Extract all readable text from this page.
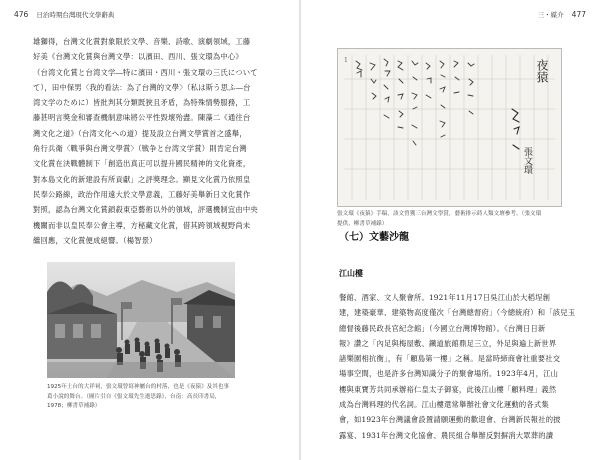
476 日治時期台灣現代文學辭典
雄獅得，台灣文化賞對象限於文學、音樂、詩歌、演劇領域，工藤
好美《台灣文化賞與台灣文學：以濱田、西川、張文環為中心》
（台湾文化賞と台湾文学―特に濱田・西川・張文環の三氏について
て），田中保男〈我的看法：為了台灣的文學〉（私は斯う思ふ―台
湾文学のために）皆批判其分類既狹且矛盾，為特殊情勢服務，工
藤甚明言獎金和審查機制意味將公平性毀壞殆盡。陳藻二《通往台
灣文化之道》（台湾文化への道）提及設立台灣文學賞首之盛舉，
角行兵衛〈戰爭與台灣文學賞〉（戦争と台湾文学賞）則肯定台灣
文化賞在決戰體制下「創造出真正可以提升國民精神的文化資產，
對本島文化的新建設有所貢獻」之評獎理念。顯見文化賞乃依照皇
民奉公路線，政治作用遠大於文學意義，工藤好美舉新日文化賞作
對照，認為台灣文化賞鎖殺東亞藝術以外的領域，評選機制宜由中央
機關而非以皇民奉公會主導，方秘藏文化賞，借其跨領域視野尚未
繼回應，文化賞便成絕響。（楊智景）
1925年土台的大祥祠，張文環曾寫神屬台的村落，也是《夜猿》及其也事
葛小說的舞台。（圖片引自《張文環先生逝思錄》，台南：高長印書局，
1978；柳書草補錄）
三・媒介 477
夜猿
張文環
1
張文環《夜猿》手稿，該文曾獲三台灣文學賞，藝術排示蒔人類文壇參考。（張文環
提供，柳書草補錄）
（七）文藝沙龍
江山樓
餐館、酒家、文人聚會所。1921年11月17日吳江山於大稻埕創
建，建築豪華、建築物高度僅次「台灣總督府」（今總統府）和「該兒玉
總督後藤民政長官紀念館」（今國立台灣博物館）。《台灣日日新
報》讚之「內足與梅屋敷、鐵道旅館鼎足三立，外足與遍上新世界
諸樂園相抗衡」，有「顧島第一樓」之稱。是當時締商會社重要社交
場事空間，也是許多台灣知識分子的聚會場所。1923年4月，江山
樓與東寶芳共同承辦裕仁皇太子御宴，此後江山樓「顧料理」義然
成為台灣料理的代名詞。江山樓還常舉辦社會文化運動的各式集
會，如1923年台灣議會設置請願運動的歡迎會、台灣新民報社的披
露宴、1931年台灣文化協會、農民組合舉辦反對摒消大眾葬的讀
